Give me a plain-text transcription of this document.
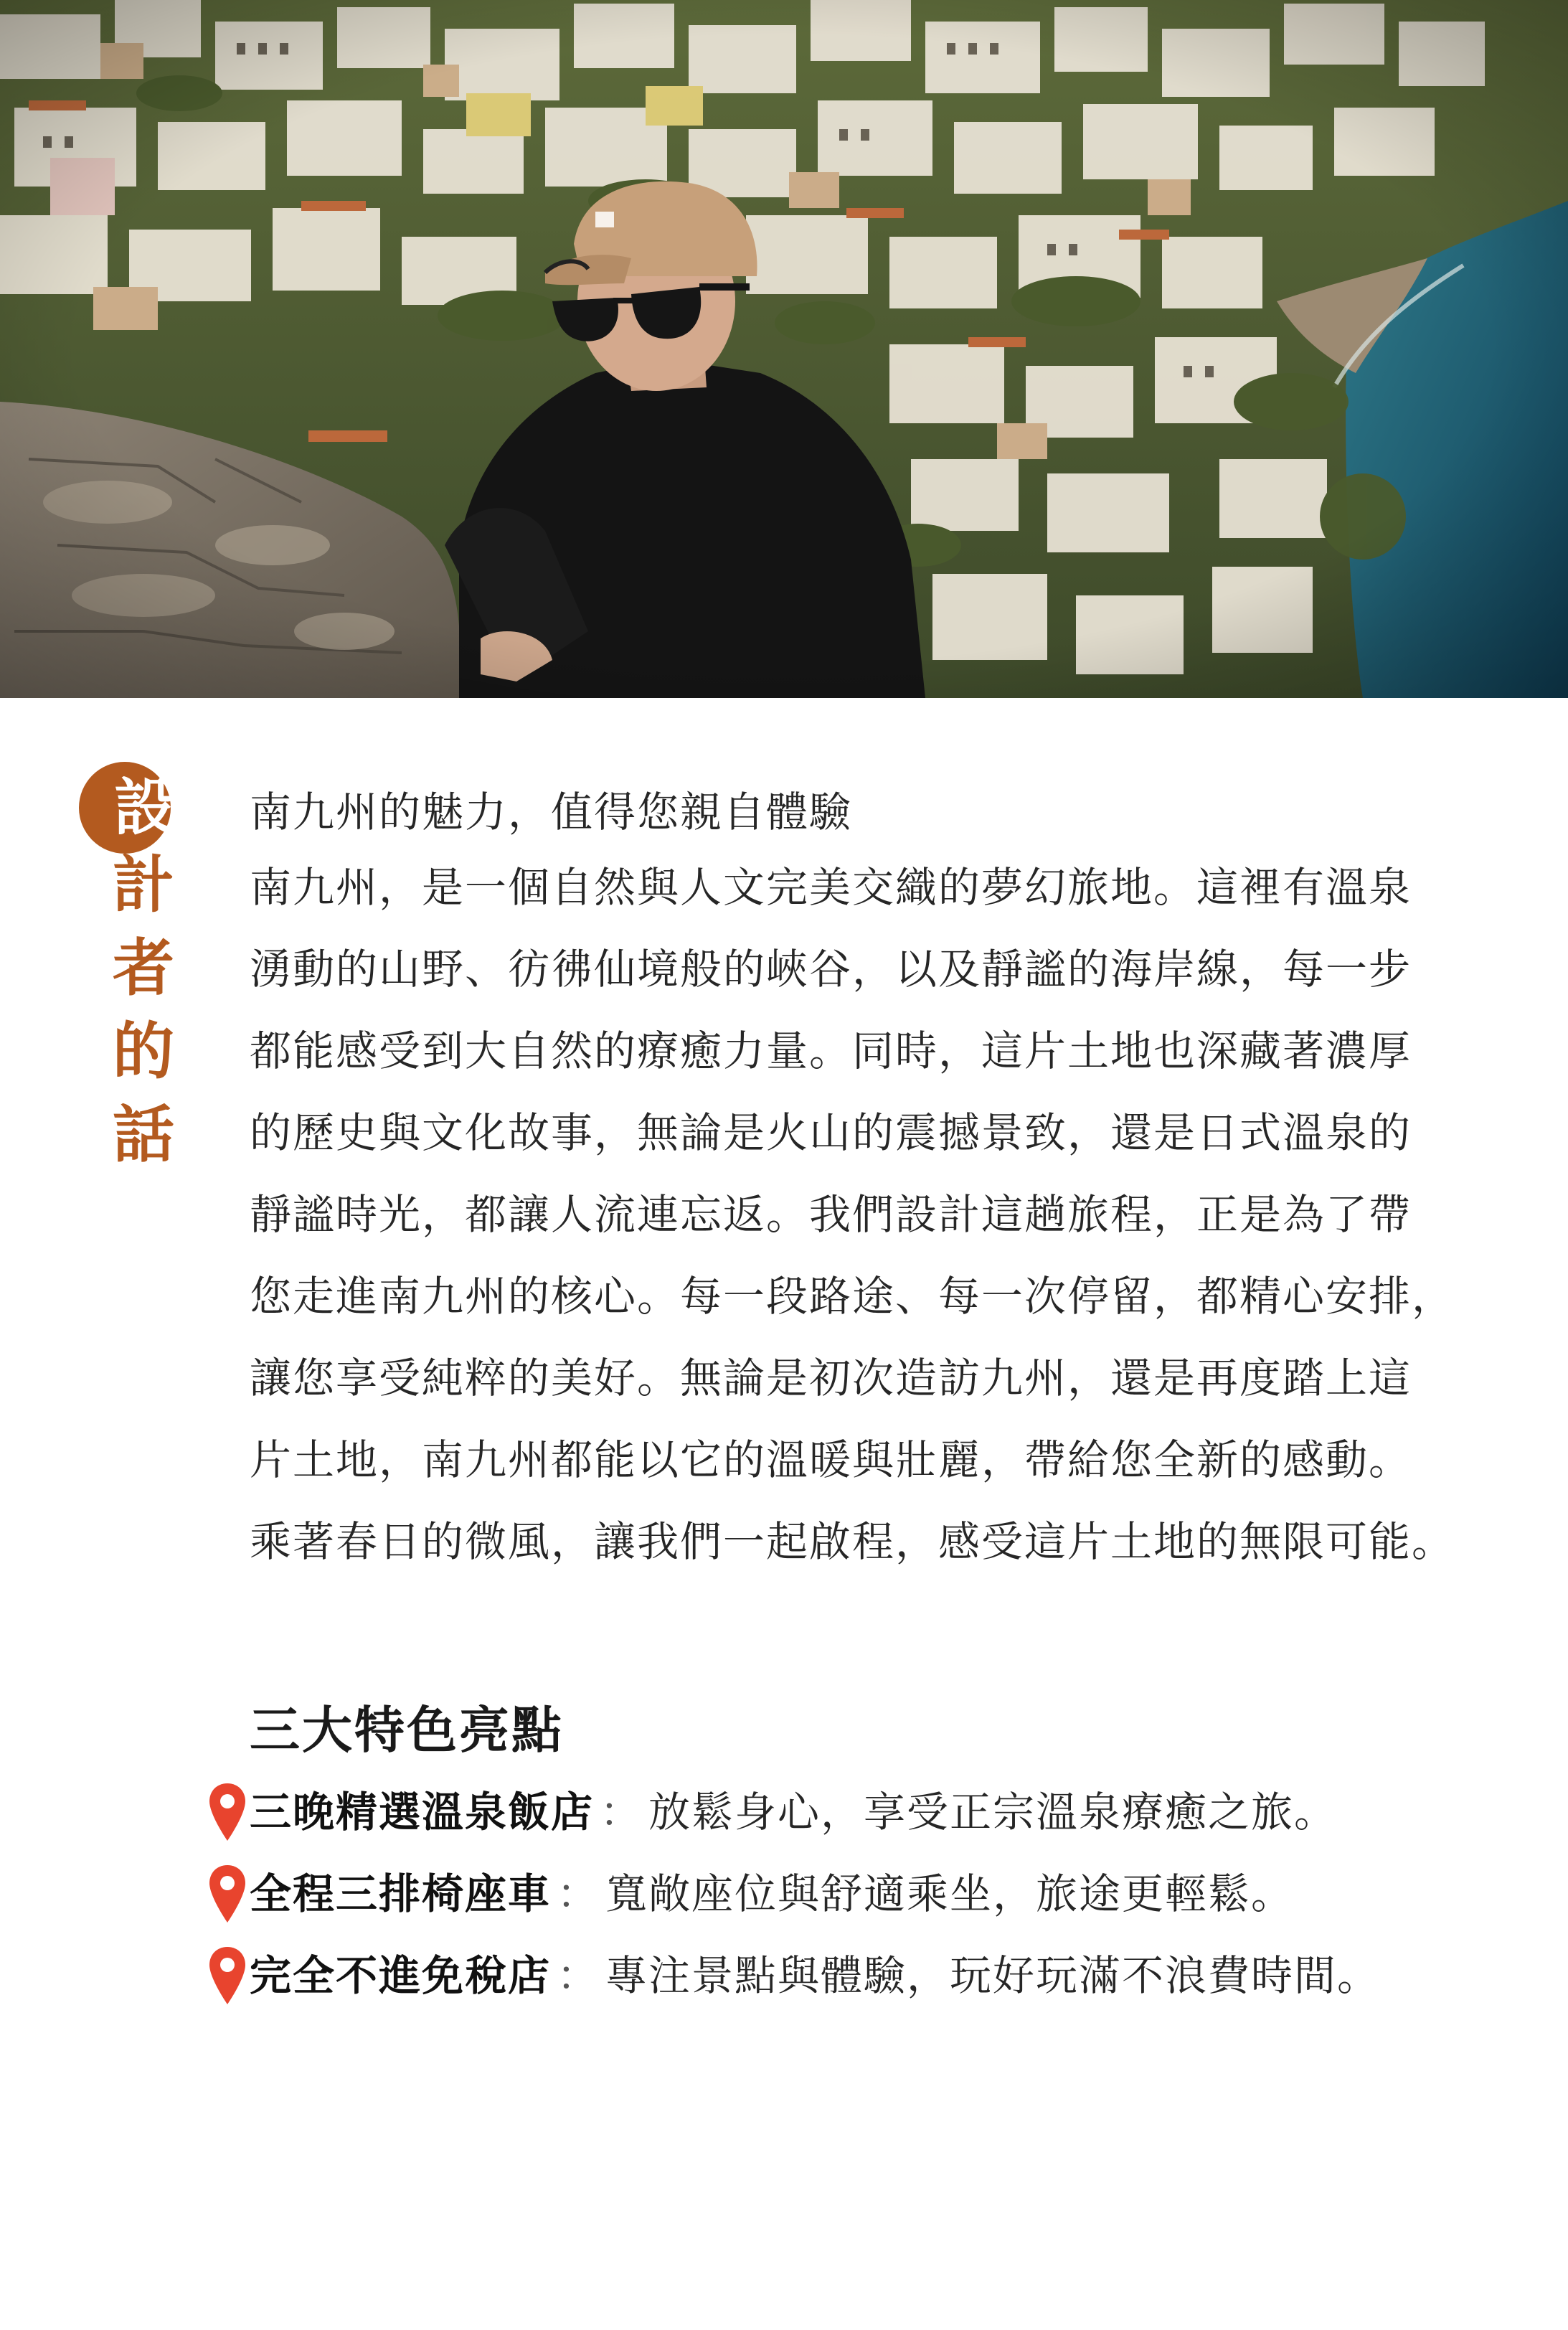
設
計
者
的
話

南九州的魅力，值得您親自體驗

南九州，是一個自然與人文完美交織的夢幻旅地。這裡有溫泉

湧動的山野、彷彿仙境般的峽谷，以及靜謐的海岸線，每一步

都能感受到大自然的療癒力量。同時，這片土地也深藏著濃厚

的歷史與文化故事，無論是火山的震撼景致，還是日式溫泉的

靜謐時光，都讓人流連忘返。我們設計這趟旅程，正是為了帶

您走進南九州的核心。每一段路途、每一次停留，都精心安排，

讓您享受純粹的美好。無論是初次造訪九州，還是再度踏上這

片土地，南九州都能以它的溫暖與壯麗，帶給您全新的感動。

乘著春日的微風，讓我們一起啟程，感受這片土地的無限可能。

三大特色亮點
三晚精選溫泉飯店 ： 放鬆身心，享受正宗溫泉療癒之旅。
全程三排椅座車 ： 寬敞座位與舒適乘坐，旅途更輕鬆。
完全不進免稅店 ： 專注景點與體驗，玩好玩滿不浪費時間。
